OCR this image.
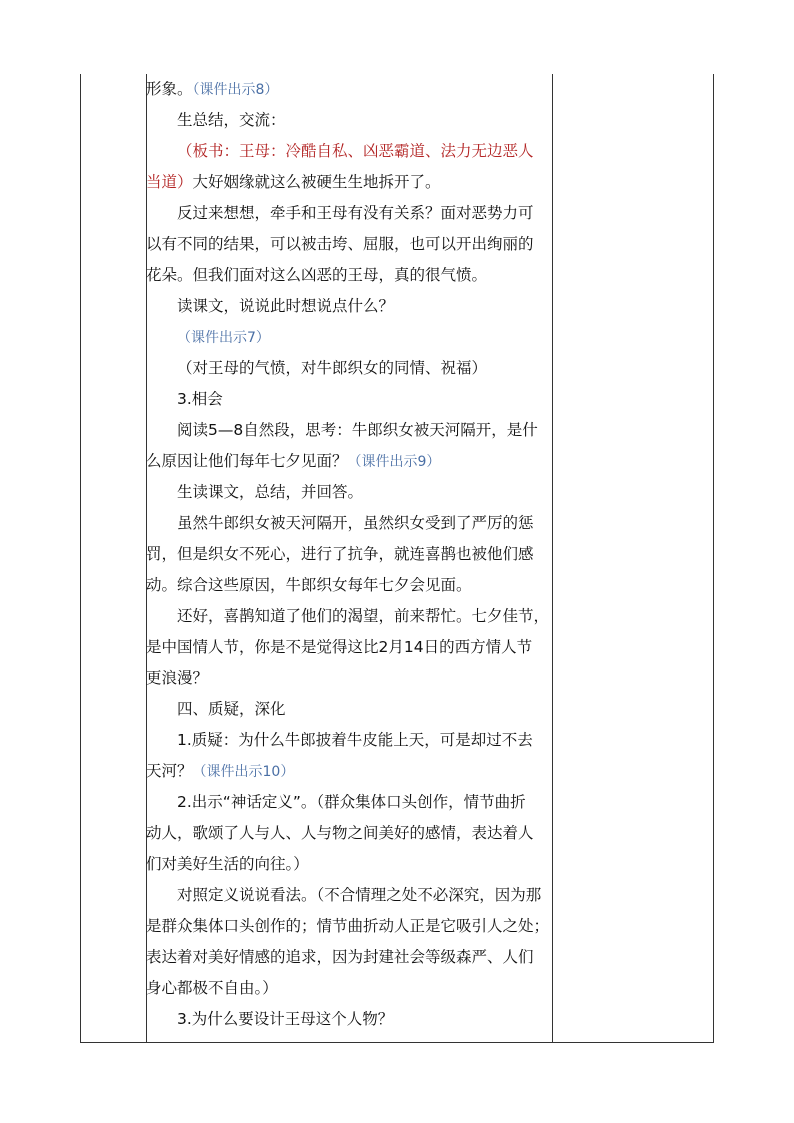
形象。（课件出示8）
生总结，交流：
（板书：王母：冷酷自私、凶恶霸道、法力无边恶人
当道）大好姻缘就这么被硬生生地拆开了。
反过来想想，牵手和王母有没有关系？面对恶势力可
以有不同的结果，可以被击垮、屈服，也可以开出绚丽的
花朵。但我们面对这么凶恶的王母，真的很气愤。
读课文，说说此时想说点什么？
（课件出示7）
（对王母的气愤，对牛郎织女的同情、祝福）
3.相会
阅读5—8自然段，思考：牛郎织女被天河隔开，是什
么原因让他们每年七夕见面？（课件出示9）
生读课文，总结，并回答。
虽然牛郎织女被天河隔开，虽然织女受到了严厉的惩
罚，但是织女不死心，进行了抗争，就连喜鹊也被他们感
动。综合这些原因，牛郎织女每年七夕会见面。
还好，喜鹊知道了他们的渴望，前来帮忙。七夕佳节，
是中国情人节，你是不是觉得这比2月14日的西方情人节
更浪漫？
四、质疑，深化
1.质疑：为什么牛郎披着牛皮能上天，可是却过不去
天河？（课件出示10）
2.出示“神话定义”。（群众集体口头创作，情节曲折
动人，歌颂了人与人、人与物之间美好的感情，表达着人
们对美好生活的向往。）
对照定义说说看法。（不合情理之处不必深究，因为那
是群众集体口头创作的；情节曲折动人正是它吸引人之处；
表达着对美好情感的追求，因为封建社会等级森严、人们
身心都极不自由。）
3.为什么要设计王母这个人物？
